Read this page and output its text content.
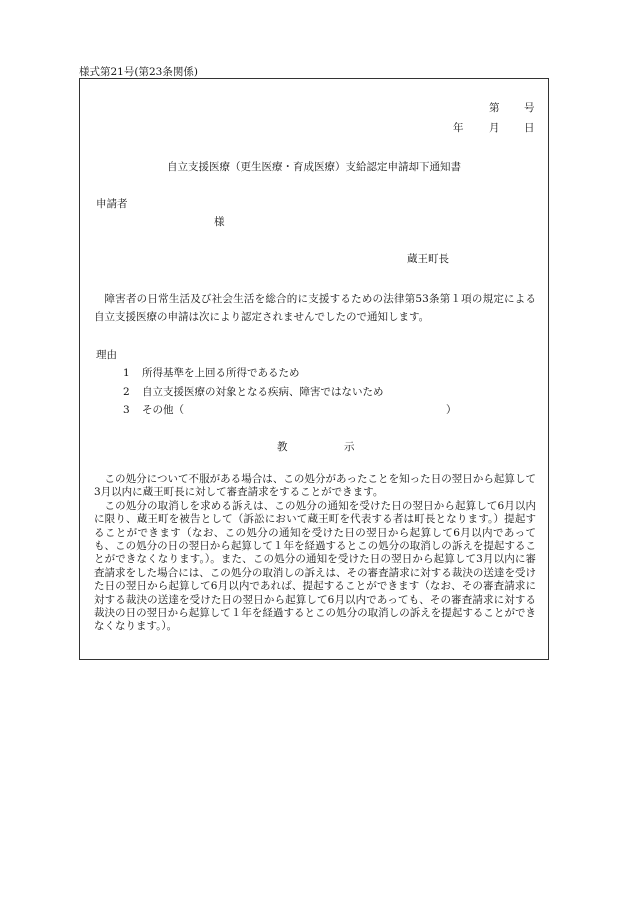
様式第21号(第23条関係)
第 号
年 月 日
自立支援医療（更生医療・育成医療）支給認定申請却下通知書
申請者
様
蔵王町長
障害者の日常生活及び社会生活を総合的に支援するための法律第53条第１項の規定による自立支援医療の申請は次により認定されませんでしたので通知します。
理由
1 所得基準を上回る所得であるため
2 自立支援医療の対象となる疾病、障害ではないため
3 その他（	）
教	示

この処分について不服がある場合は、この処分があったことを知った日の翌日から起算して3月以内に蔵王町長に対して審査請求をすることができます。

この処分の取消しを求める訴えは、この処分の通知を受けた日の翌日から起算して6月以内に限り、蔵王町を被告として（訴訟において蔵王町を代表する者は町長となります。）提起することができます（なお、この処分の通知を受けた日の翌日から起算して6月以内であっても、この処分の日の翌日から起算して１年を経過するとこの処分の取消しの訴えを提起することができなくなります。）。また、この処分の通知を受けた日の翌日から起算して3月以内に審査請求をした場合には、この処分の取消しの訴えは、その審査請求に対する裁決の送達を受けた日の翌日から起算して6月以内であれば、提起することができます（なお、その審査請求に対する裁決の送達を受けた日の翌日から起算して6月以内であっても、その審査請求に対する裁決の日の翌日から起算して１年を経過するとこの処分の取消しの訴えを提起することができなくなります。）。
